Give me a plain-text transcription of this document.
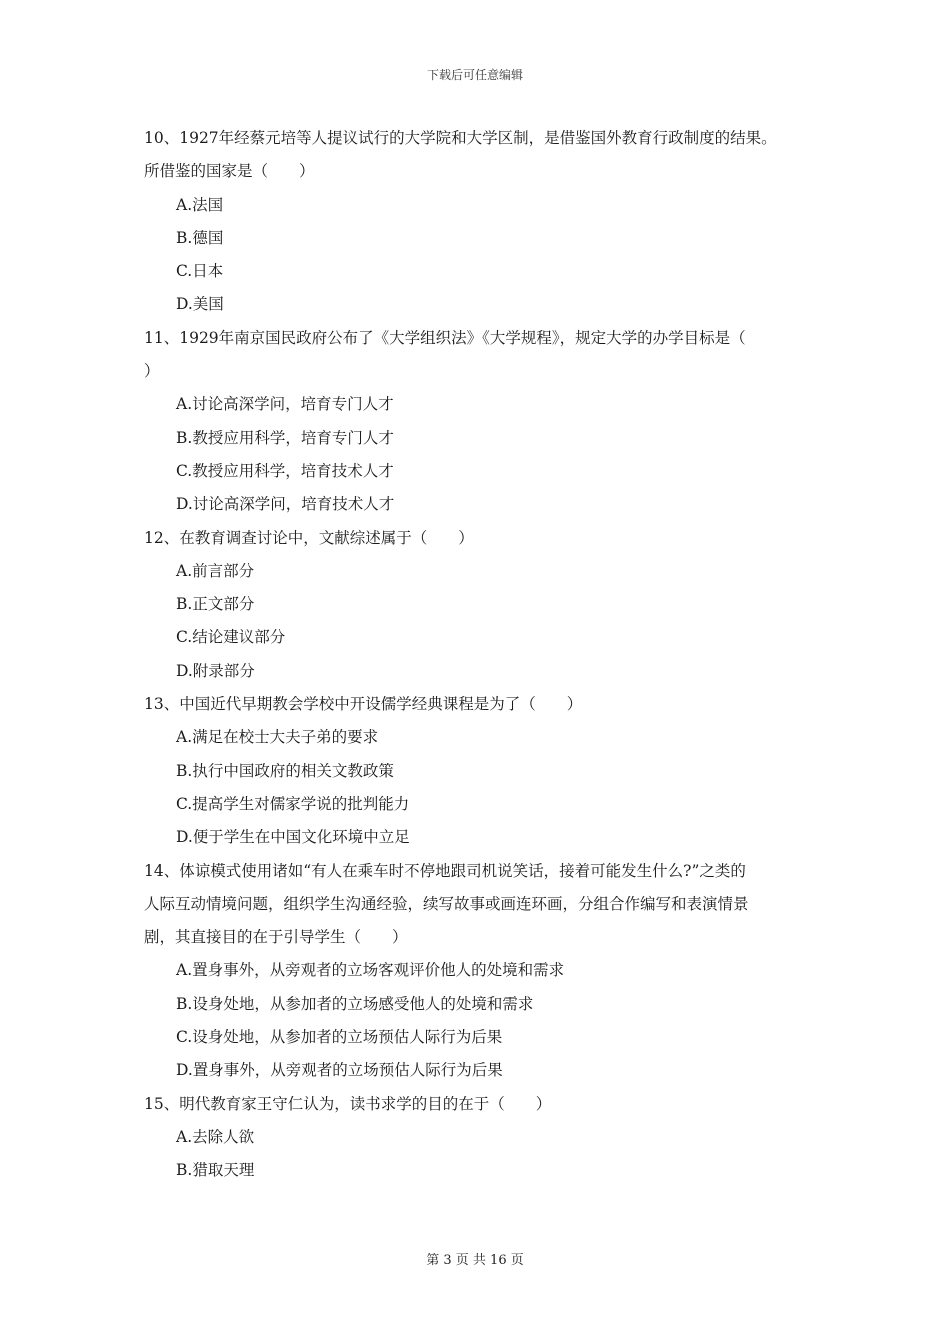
下载后可任意编辑
10、1927年经蔡元培等人提议试行的大学院和大学区制，是借鉴国外教育行政制度的结果。
所借鉴的国家是（　　）
A.法国
B.德国
C.日本
D.美国
11、1929年南京国民政府公布了《大学组织法》《大学规程》，规定大学的办学目标是（
）
A.讨论高深学问，培育专门人才
B.教授应用科学，培育专门人才
C.教授应用科学，培育技术人才
D.讨论高深学问，培育技术人才
12、在教育调查讨论中，文献综述属于（　　）
A.前言部分
B.正文部分
C.结论建议部分
D.附录部分
13、中国近代早期教会学校中开设儒学经典课程是为了（　　）
A.满足在校士大夫子弟的要求
B.执行中国政府的相关文教政策
C.提高学生对儒家学说的批判能力
D.便于学生在中国文化环境中立足
14、体谅模式使用诸如“有人在乘车时不停地跟司机说笑话，接着可能发生什么?”之类的
人际互动情境问题，组织学生沟通经验，续写故事或画连环画，分组合作编写和表演情景
剧，其直接目的在于引导学生（　　）
A.置身事外，从旁观者的立场客观评价他人的处境和需求
B.设身处地，从参加者的立场感受他人的处境和需求
C.设身处地，从参加者的立场预估人际行为后果
D.置身事外，从旁观者的立场预估人际行为后果
15、明代教育家王守仁认为，读书求学的目的在于（　　）
A.去除人欲
B.猎取天理
第 3 页 共 16 页
